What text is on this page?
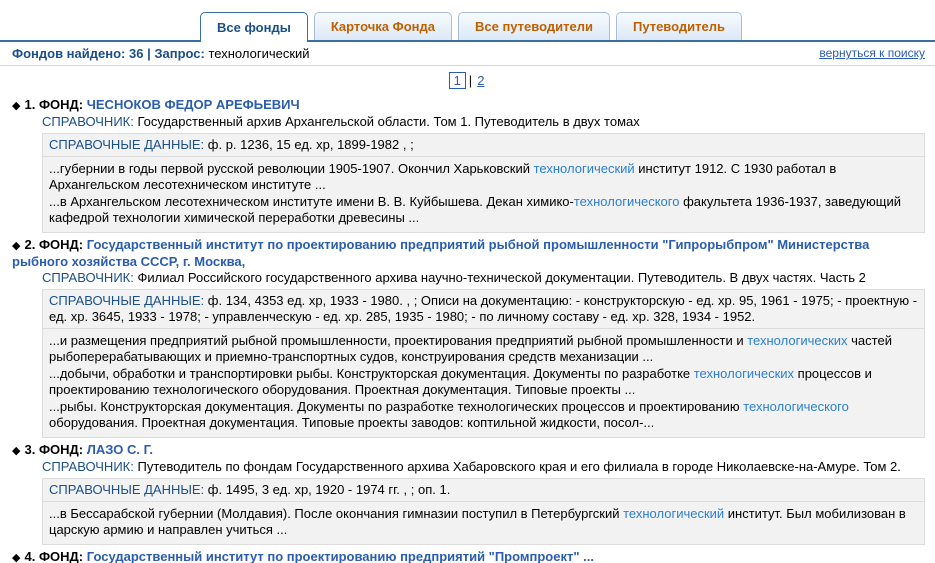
Все фонды	Карточка Фонда	Все путеводители	Путеводитель
Фондов найдено: 36 | Запрос: технологический	вернуться к поиску
1 | 2
◆ 1. ФОНД: ЧЕСНОКОВ ФЕДОР АРЕФЬЕВИЧ
СПРАВОЧНИК: Государственный архив Архангельской области. Том 1. Путеводитель в двух томах
СПРАВОЧНЫЕ ДАННЫЕ: ф. р. 1236, 15 ед. хр, 1899-1982 , ;
...губернии в годы первой русской революции 1905-1907. Окончил Харьковский технологический институт 1912. С 1930 работал в Архангельском лесотехническом институте ...
...в Архангельском лесотехническом институте имени В. В. Куйбышева. Декан химико-технологического факультета 1936-1937, заведующий кафедрой технологии химической переработки древесины ...
◆ 2. ФОНД: Государственный институт по проектированию предприятий рыбной промышленности "Гипрорыбпром" Министерства рыбного хозяйства СССР, г. Москва,
СПРАВОЧНИК: Филиал Российского государственного архива научно-технической документации. Путеводитель. В двух частях. Часть 2
СПРАВОЧНЫЕ ДАННЫЕ: ф. 134, 4353 ед. хр, 1933 - 1980. , ; Описи на документацию: - конструкторскую - ед. хр. 95, 1961 - 1975; - проектную - ед. хр. 3645, 1933 - 1978; - управленческую - ед. хр. 285, 1935 - 1980; - по личному составу - ед. хр. 328, 1934 - 1952.
...и размещения предприятий рыбной промышленности, проектирования предприятий рыбной промышленности и технологических частей рыбоперерабатывающих и приемно-транспортных судов, конструирования средств механизации ...
...добычи, обработки и транспортировки рыбы. Конструкторская документация. Документы по разработке технологических процессов и проектированию технологического оборудования. Проектная документация. Типовые проекты ...
...рыбы. Конструкторская документация. Документы по разработке технологических процессов и проектированию технологического оборудования. Проектная документация. Типовые проекты заводов: коптильной жидкости, посол-...
◆ 3. ФОНД: ЛАЗО С. Г.
СПРАВОЧНИК: Путеводитель по фондам Государственного архива Хабаровского края и его филиала в городе Николаевске-на-Амуре. Том 2.
СПРАВОЧНЫЕ ДАННЫЕ: ф. 1495, 3 ед. хр, 1920 - 1974 гг. , ; оп. 1.
...в Бессарабской губернии (Молдавия). После окончания гимназии поступил в Петербургский технологический институт. Был мобилизован в царскую армию и направлен учиться ...
◆ 4. ФОНД: Государственный институт по проектированию предприятий "Промпроект" ...
